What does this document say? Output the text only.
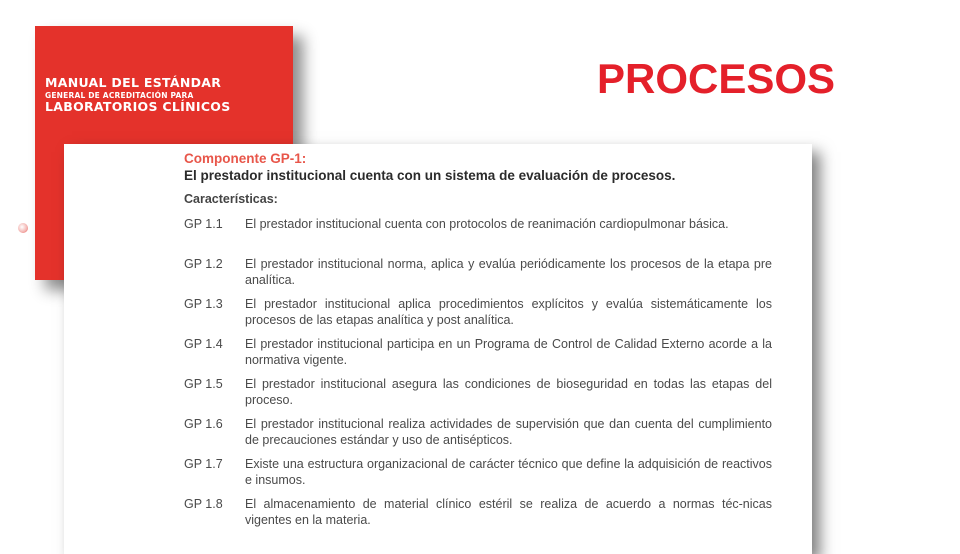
MANUAL DEL ESTÁNDAR
GENERAL DE ACREDITACIÓN PARA
LABORATORIOS CLÍNICOS
PROCESOS
Componente GP-1:
El prestador institucional cuenta con un sistema de evaluación de procesos.
Características:
GP 1.1	El prestador institucional cuenta con protocolos de reanimación cardiopulmonar básica.
GP 1.2	El prestador institucional norma, aplica y evalúa periódicamente los procesos de la etapa pre analítica.
GP 1.3	El prestador institucional aplica procedimientos explícitos y evalúa sistemáticamente los procesos de las etapas analítica y post analítica.
GP 1.4	El prestador institucional participa en un Programa de Control de Calidad Externo acorde a la normativa vigente.
GP 1.5	El prestador institucional asegura las condiciones de bioseguridad en todas las etapas del proceso.
GP 1.6	El prestador institucional realiza actividades de supervisión que dan cuenta del cumplimiento de precauciones estándar y uso de antisépticos.
GP 1.7	Existe una estructura organizacional de carácter técnico que define la adquisición de reactivos e insumos.
GP 1.8	El almacenamiento de material clínico estéril se realiza de acuerdo a normas téc-nicas vigentes en la materia.
